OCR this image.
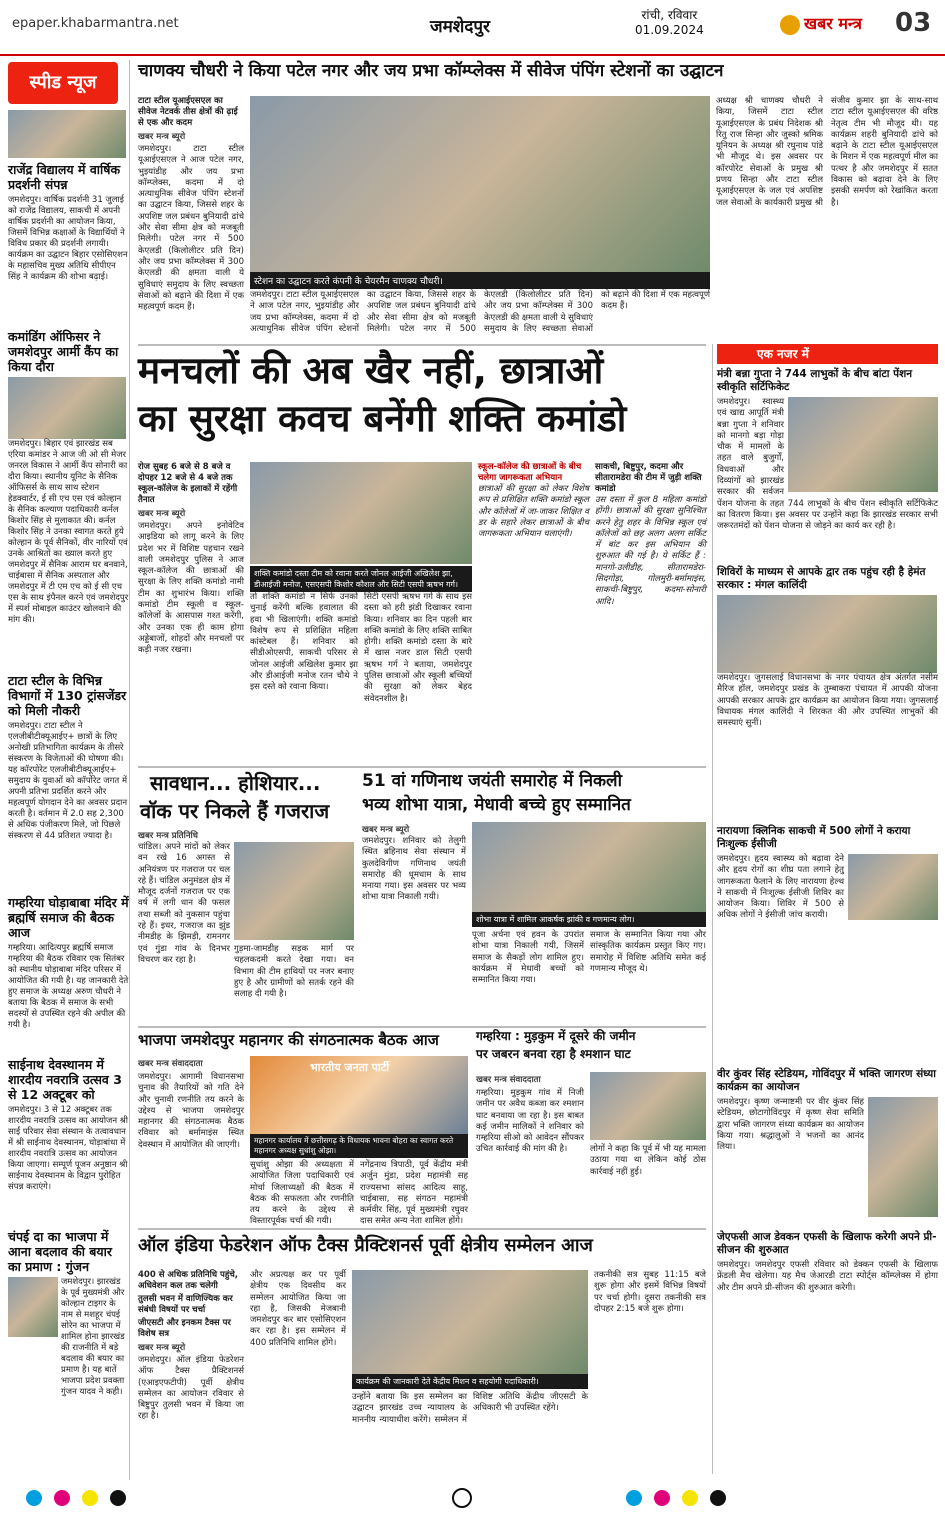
epaper.khabarmantra.net	जमशेदपुर
रांची, रविवार
01.09.2024	खबर मन्त्र 03
स्पीड न्यूज
राजेंद्र विद्यालय में वार्षिक प्रदर्शनी संपन्न
जमशेदपुर। वार्षिक प्रदर्शनी 31 जुलाई को राजेंद्र विद्यालय, साकची में अपनी वार्षिक प्रदर्शनी का आयोजन किया, जिसमें विभिन्न कक्षाओं के विद्यार्थियों ने विविध प्रकार की प्रदर्शनी लगायी। कार्यक्रम का उद्घाटन बिहार एसोसिएशन के महासचिव मुख्य अतिथि सीपीएन सिंह ने कार्यक्रम की शोभा बढ़ाई।
कमांडिंग ऑफिसर ने जमशेदपुर आर्मी कैंप का किया दौरा
जमशेदपुर। बिहार एवं झारखंड सब एरिया कमांडर ने आज जी ओ सी मेजर जनरल विकास ने आर्मी कैंप सोनारी का दौरा किया। स्थानीय यूनिट के सैनिक ऑफिसर्स के साथ साथ स्टेशन हेडक्वार्टर, ई सी एच एस एवं कोल्हान के सैनिक कल्याण पदाधिकारी कर्नल किशोर सिंह से मुलाकात की। कर्नल किशोर सिंह ने उनका स्वागत करते हुये कोल्हान के पूर्व सैनिकों, वीर नारियों एवं उनके आश्रितों का ख्याल करते हुए जमशेदपुर में सैनिक आराम घर बनवाने, चाईबासा में सैनिक अस्पताल और जमशेदपुर में टी एम एच को ई सी एच एस के साथ इंपैनल करने एवं जमशेदपुर में स्पर्श मोबाइल काउंटर खोलवाने की मांग की।
टाटा स्टील के विभिन्न विभागों में 130 ट्रांसजेंडर को मिली नौकरी
जमशेदपुर। टाटा स्टील ने एलजीबीटीक्यूआईए+ छात्रों के लिए अनोखी प्रतिभागिता कार्यक्रम के तीसरे संस्करण के विजेताओं की घोषणा की। यह कॉरपोरेट एलजीबीटीक्यूआईए+ समुदाय के युवाओं को कॉर्पोरेट जगत में अपनी प्रतिभा प्रदर्शित करने और महत्वपूर्ण योगदान देने का अवसर प्रदान करती है। वर्तमान में 2.0 सह 2,300 से अधिक पंजीकरण मिले, जो पिछले संस्करण से 44 प्रतिशत ज्यादा है।
गम्हरिया घोड़ाबाबा मंदिर में ब्रह्मर्षि समाज की बैठक आज
गम्हरिया। आदित्यपुर ब्रह्मर्षि समाज गम्हरिया की बैठक रविवार एक सितंबर को स्थानीय घोड़ाबाबा मंदिर परिसर में आयोजित की गयी है। यह जानकारी देते हुए समाज के अध्यक्ष अरुण चौधरी ने बताया कि बैठक में समाज के सभी सदस्यों से उपस्थित रहने की अपील की गयी है।
साईनाथ देवस्थानम में शारदीय नवरात्रि उत्सव 3 से 12 अक्टूबर को
जमशेदपुर। 3 से 12 अक्टूबर तक शारदीय नवरात्रि उत्सव का आयोजन श्री साईं परिवार सेवा संस्थान के तत्वावधान में श्री साईनाथ देवस्थानम, घोड़ाबांधा में शारदीय नवरात्रि उत्सव का आयोजन किया जाएगा। सम्पूर्ण पूजन अनुष्ठान श्री साईनाथ देवस्थानम के विद्वान पुरोहित संपन्न कराएंगे।
चंपई दा का भाजपा में आना बदलाव की बयार का प्रमाण : गुंजन
जमशेदपुर। झारखंड के पूर्व मुख्यमंत्री और कोल्हान टाइगर के नाम से मशहूर चंपई सोरेन का भाजपा में शामिल होना झारखंड की राजनीति में बड़े बदलाव की बयार का प्रमाण है। यह बातें भाजपा प्रदेश प्रवक्ता गुंजन यादव ने कही।
चाणक्य चौधरी ने किया पटेल नगर और जय प्रभा कॉम्प्लेक्स में सीवेज पंपिंग स्टेशनों का उद्घाटन
टाटा स्टील यूआईएसएल का सीवेज नेटवर्क तीस क्षेत्रों की ढ़ाई से एक और कदम
खबर मन्त्र ब्यूरो
जमशेदपुर। टाटा स्टील यूआईएसएल ने आज पटेल नगर, भुइयांडीह और जय प्रभा कॉम्प्लेक्स, कदमा में दो अत्याधुनिक सीवेज पंपिंग स्टेशनों का उद्घाटन किया, जिससे शहर के अपशिष्ट जल प्रबंधन बुनियादी ढांचे और सेवा सीमा क्षेत्र को मजबूती मिलेगी। पटेल नगर में 500 केएलडी (किलोलीटर प्रति दिन) और जय प्रभा कॉम्प्लेक्स में 300 केएलडी की क्षमता वाली ये सुविधाएं समुदाय के लिए स्वच्छता सेवाओं को बढ़ाने की दिशा में एक महत्वपूर्ण कदम हैं।
स्टेशन का उद्घाटन करते कंपनी के चेयरमैन चाणक्य चौधरी।
जमशेदपुर। टाटा स्टील यूआईएसएल ने आज पटेल नगर, भुइयांडीह और जय प्रभा कॉम्प्लेक्स, कदमा में दो अत्याधुनिक सीवेज पंपिंग स्टेशनों का उद्घाटन किया, जिससे शहर के अपशिष्ट जल प्रबंधन बुनियादी ढांचे और सेवा सीमा क्षेत्र को मजबूती मिलेगी। पटेल नगर में 500 केएलडी (किलोलीटर प्रति दिन) और जय प्रभा कॉम्प्लेक्स में 300 केएलडी की क्षमता वाली ये सुविधाएं समुदाय के लिए स्वच्छता सेवाओं को बढ़ाने की दिशा में एक महत्वपूर्ण कदम हैं।
अध्यक्ष श्री चाणक्य चौधरी ने किया, जिसमें टाटा स्टील यूआईएसएल के प्रबंध निदेशक श्री रितु राज सिन्हा और जुस्को श्रमिक यूनियन के अध्यक्ष श्री रघुनाथ पांडे भी मौजूद थे। इस अवसर पर कॉरपोरेट सेवाओं के प्रमुख श्री प्रणय सिन्हा और टाटा स्टील यूआईएसएल के जल एवं अपशिष्ट जल सेवाओं के कार्यकारी प्रमुख श्री संजीव कुमार झा के साथ-साथ टाटा स्टील यूआईएसएल की वरिष्ठ नेतृत्व टीम भी मौजूद थी। यह कार्यक्रम शहरी बुनियादी ढांचे को बढ़ाने के टाटा स्टील यूआईएसएल के मिशन में एक महत्वपूर्ण मील का पत्थर है और जमशेदपुर में सतत विकास को बढ़ावा देने के लिए इसकी समर्पण को रेखांकित करता है।
मनचलों की अब खैर नहीं, छात्राओं
का सुरक्षा कवच बनेंगी शक्ति कमांडो
रोज सुबह 6 बजे से 8 बजे व दोपहर 12 बजे से 4 बजे तक स्कूल-कॉलेज के इलाकों में रहेंगी तैनात
खबर मन्त्र ब्यूरो
जमशेदपुर। अपने इनोवेटिव आइडिया को लागू करने के लिए प्रदेश भर में विशिष्ट पहचान रखने वाली जमशेदपुर पुलिस ने आज स्कूल-कॉलेज की छात्राओं की सुरक्षा के लिए शक्ति कमांडो नामी टीम का शुभारंभ किया। शक्ति कमांडो टीम स्कूली व स्कूल-कॉलेजों के आसपास गश्त करेंगी, और उनका एक ही काम होगा अड्डेबाजों, शोहदों और मनचलों पर कड़ी नजर रखना।
शक्ति कमांडो दस्ता टीम को रवाना करते जोनल आईजी अखिलेश झा, डीआईजी मनोज, एसएसपी किशोर कौशल और सिटी एसपी ऋषभ गर्ग।
तो शक्ति कमांडो न सिर्फ उनको चुनाई करेंगी बल्कि हवालात की हवा भी खिलाएंगी। शक्ति कमांडो विशेष रूप से प्रशिक्षित महिला कांस्टेबल हैं। शनिवार को सीडीओएसपी, साकची परिसर से जोनल आईजी अखिलेश कुमार झा और डीआईजी मनोज रतन चौथे ने इस दस्ते को रवाना किया।
सिटी एसपी ऋषभ गर्ग के साथ इस दस्ता को हरी झंडी दिखाकर रवाना किया। शनिवार का दिन पहली बार शक्ति कमांडो के लिए शक्ति साबित होगी। शक्ति कमांडो दस्ता के बारे में खास नजर डाल सिटी एसपी ऋषभ गर्ग ने बताया, जमशेदपुर पुलिस छात्राओं और स्कूली बच्चियों की सुरक्षा को लेकर बेहद संवेदनशील है।
स्कूल-कॉलेज की छात्राओं के बीच चलेगा जागरूकता अभियान
छात्राओं की सुरक्षा को लेकर विशेष रूप से प्रशिक्षित शक्ति कमांडो स्कूल और कॉलेजों में जा-जाकर शिक्षित व डर के सहारे लेकर छात्राओं के बीच जागरूकता अभियान चलाएंगी।
साकची, बिष्टुपुर, कदमा और सीतारामडेरा की टीम में जुड़ी शक्ति कमांडो
उस दस्ता में कुल 8 महिला कमांडो होंगी। छात्राओं की सुरक्षा सुनिश्चित करने हेतु शहर के विभिन्न स्कूल एवं कॉलेजों को छह अलग अलग सर्किट में बांट कर इस अभियान की शुरुआत की गई है। ये सर्किट हैं : मानगो-उलीडीह, सीतारामडेरा-सिदगोड़ा, गोलमुरी-बर्मामाइंस, साकची-बिष्टुपुर, कदमा-सोनारी आदि।
एक नजर में
मंत्री बन्ना गुप्ता ने 744 लाभुकों के बीच बांटा पेंशन स्वीकृति सर्टिफिकेट
जमशेदपुर। स्वास्थ्य एवं खाद्य आपूर्ति मंत्री बन्ना गुप्ता ने शनिवार को मानगो बड़ा गोड़ा चौक में मामलों के तहत वाले बुजुर्गों, विधवाओं और दिव्यांगों को झारखंड सरकार की सर्वजन पेंशन योजना के तहत 744 लाभुकों के बीच पेंशन स्वीकृति सर्टिफिकेट का वितरण किया। इस अवसर पर उन्होंने कहा कि झारखंड सरकार सभी जरूरतमंदों को पेंशन योजना से जोड़ने का कार्य कर रही है।
शिविरों के माध्यम से आपके द्वार तक पहुंच रही है हेमंत सरकार : मंगल कालिंदी
जमशेदपुर। जुगसलाई विधानसभा के नगर पंचायत क्षेत्र अंतर्गत नसीम मैरिज हॉल, जमशेदपुर प्रखंड के तुम्बाकरा पंचायत में आपकी योजना आपकी सरकार आपके द्वार कार्यक्रम का आयोजन किया गया। जुगसलाई विधायक मंगल कालिंदी ने शिरकत की और उपस्थित लाभुकों की समस्याएं सुनीं।
नारायणा क्लिनिक साकची में 500 लोगों ने कराया निःशुल्क ईसीजी
जमशेदपुर। हृदय स्वास्थ्य को बढ़ावा देने और हृदय रोगों का शीघ्र पता लगाने हेतु जागरूकता फैलाने के लिए नारायणा हेल्थ ने साकची में निःशुल्क ईसीजी शिविर का आयोजन किया। शिविर में 500 से अधिक लोगों ने ईसीजी जांच करायी।
वीर कुंवर सिंह स्टेडियम, गोविंदपुर में भक्ति जागरण संध्या कार्यक्रम का आयोजन
जमशेदपुर। कृष्ण जन्माष्टमी पर वीर कुंवर सिंह स्टेडियम, छोटागोविंदपुर में कृष्ण सेवा समिति द्वारा भक्ति जागरण संध्या कार्यक्रम का आयोजन किया गया। श्रद्धालुओं ने भजनों का आनंद लिया।
जेएफसी आज डेवकन एफसी के खिलाफ करेगी अपने प्री-सीजन की शुरुआत
जमशेदपुर। जमशेदपुर एफसी रविवार को डेक्कन एफसी के खिलाफ फ्रेंडली मैच खेलेगा। यह मैच जेआरडी टाटा स्पोर्ट्स कॉम्प्लेक्स में होगा और टीम अपने प्री-सीजन की शुरुआत करेगी।
सावधान... होशियार...
वॉक पर निकले हैं गजराज
खबर मन्त्र प्रतिनिधि
चांडिल। अपने मांदों को लेकर वन रखे 16 अगस्त से अनियंत्रण पर गजराज पर चल रहे हैं। चांडिल अनुमंडल क्षेत्र में मौजूद दर्जनों गजराज पर एक वर्ष में लगी धान की फसल तथा सब्जी को नुकसान पहुंचा रहे हैं। इधर, गजराज का झुंड नीमडीह के झिमड़ी, रामनगर एवं गुंडा गांव के दिनभर विचरण कर रहा है।
गुड़मा-जामडीह सड़क मार्ग पर चहलकदमी करते देखा गया। वन विभाग की टीम हाथियों पर नजर बनाए हुए है और ग्रामीणों को सतर्क रहने की सलाह दी गयी है।
51 वां गणिनाथ जयंती समारोह में निकली
भव्य शोभा यात्रा, मेधावी बच्चे हुए सम्मानित
खबर मन्त्र ब्यूरो
जमशेदपुर। शनिवार को तेलुगी स्थित ब्रहिनाथ सेवा संस्थान में कुलदेविगीण गणिनाथ जयंती समारोह की धूमधाम के साथ मनाया गया। इस अवसर पर भव्य शोभा यात्रा निकाली गयी।
शोभा यात्रा में शामिल आकर्षक झांकी व गणमान्य लोग।
पूजा अर्चना एवं हवन के उपरांत शोभा यात्रा निकाली गयी, जिसमें समाज के सैकड़ों लोग शामिल हुए। कार्यक्रम में मेधावी बच्चों को सम्मानित किया गया।
समाज के सम्मानित किया गया और सांस्कृतिक कार्यक्रम प्रस्तुत किए गए। समारोह में विशिष्ट अतिथि समेत कई गणमान्य मौजूद थे।
भाजपा जमशेदपुर महानगर की संगठनात्मक बैठक आज
खबर मन्त्र संवाददाता
जमशेदपुर। आगामी विधानसभा चुनाव की तैयारियों को गति देने और चुनावी रणनीति तय करने के उद्देश्य से भाजपा जमशेदपुर महानगर की संगठनात्मक बैठक रविवार को बर्मामाइंस स्थित देवस्थान में आयोजित की जाएगी।
भारतीय जनता पार्टी
महानगर कार्यालय में छत्तीसगढ़ के विधायक भावना बोहरा का स्वागत करते महानगर अध्यक्ष सुधांशु ओझा।
सुधांशु ओझा की अध्यक्षता में आयोजित जिला पदाधिकारी एवं मोर्चा जिलाध्यक्षों की बैठक में बैठक की सफलता और रणनीति तय करने के उद्देश्य से विस्तारपूर्वक चर्चा की गयी।
नगेंद्रनाथ त्रिपाठी, पूर्व केंद्रीय मंत्री अर्जुन मुंडा, प्रदेश महामंत्री सह राज्यसभा सांसद आदित्य साहू, चाईबासा, सह संगठन महामंत्री कर्मवीर सिंह, पूर्व मुख्यमंत्री रघुवर दास समेत अन्य नेता शामिल होंगे।
गम्हरिया : मुड़कुम में दूसरे की जमीन
पर जबरन बनवा रहा है श्मशान घाट
खबर मन्त्र संवाददाता
गम्हरिया। मुड़कुम गांव में निजी जमीन पर अवैध कब्जा कर श्मशान घाट बनवाया जा रहा है। इस बाबत कई जमीन मालिकों ने शनिवार को गम्हरिया सीओ को आवेदन सौंपकर उचित कार्रवाई की मांग की है।	लोगों ने कहा कि पूर्व में भी यह मामला उठाया गया था लेकिन कोई ठोस कार्रवाई नहीं हुई।
ऑल इंडिया फेडरेशन ऑफ टैक्स प्रैक्टिशनर्स पूर्वी क्षेत्रीय सम्मेलन आज
400 से अधिक प्रतिनिधि पहुंचे, अधिवेशन कल तक चलेगी
तुलसी भवन में वाणिज्यिक कर संबंधी विषयों पर चर्चा
जीएसटी और इनकम टैक्स पर विशेष सत्र
खबर मन्त्र ब्यूरो
जमशेदपुर। ऑल इंडिया फेडरेशन ऑफ टैक्स प्रैक्टिशनर्स (एआइएफटीपी) पूर्वी क्षेत्रीय सम्मेलन का आयोजन रविवार से बिष्टुपुर तुलसी भवन में किया जा रहा है।
और अप्रत्यक्ष कर पर पूर्वी क्षेत्रीय एक दिवसीय कर सम्मेलन आयोजित किया जा रहा है, जिसकी मेजबानी जमशेदपुर कर बार एसोसिएशन कर रहा है। इस सम्मेलन में 400 प्रतिनिधि शामिल होंगे।
कार्यक्रम की जानकारी देते केंद्रीय मिशन व सहयोगी पदाधिकारी।
उन्होंने बताया कि इस सम्मेलन का उद्घाटन झारखंड उच्च न्यायालय के माननीय न्यायाधीश करेंगे। सम्मेलन में विशिष्ट अतिथि केंद्रीय जीएसटी के अधिकारी भी उपस्थित रहेंगे।
तकनीकी सत्र सुबह 11:15 बजे शुरू होगा और इसमें विभिन्न विषयों पर चर्चा होगी। दूसरा तकनीकी सत्र दोपहर 2:15 बजे शुरू होगा।
